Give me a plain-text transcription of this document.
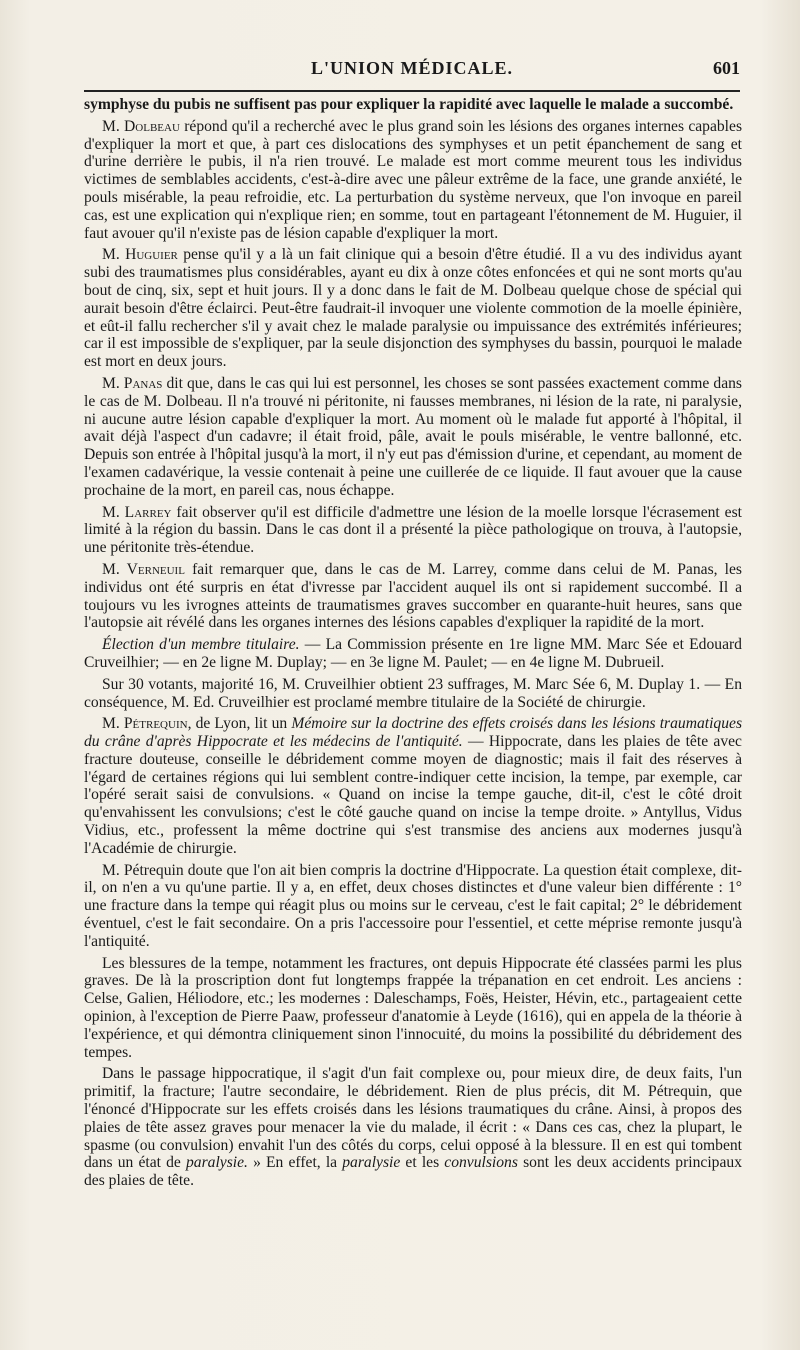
L'UNION MÉDICALE.	601

symphyse du pubis ne suffisent pas pour expliquer la rapidité avec laquelle le malade a succombé.

M. Dolbeau répond qu'il a recherché avec le plus grand soin les lésions des organes internes capables d'expliquer la mort et que, à part ces dislocations des symphyses et un petit épanchement de sang et d'urine derrière le pubis, il n'a rien trouvé. Le malade est mort comme meurent tous les individus victimes de semblables accidents, c'est-à-dire avec une pâleur extrême de la face, une grande anxiété, le pouls misérable, la peau refroidie, etc. La perturbation du système nerveux, que l'on invoque en pareil cas, est une explication qui n'explique rien; en somme, tout en partageant l'étonnement de M. Huguier, il faut avouer qu'il n'existe pas de lésion capable d'expliquer la mort.

M. Huguier pense qu'il y a là un fait clinique qui a besoin d'être étudié. Il a vu des individus ayant subi des traumatismes plus considérables, ayant eu dix à onze côtes enfoncées et qui ne sont morts qu'au bout de cinq, six, sept et huit jours. Il y a donc dans le fait de M. Dolbeau quelque chose de spécial qui aurait besoin d'être éclairci. Peut-être faudrait-il invoquer une violente commotion de la moelle épinière, et eût-il fallu rechercher s'il y avait chez le malade paralysie ou impuissance des extrémités inférieures; car il est impossible de s'expliquer, par la seule disjonction des symphyses du bassin, pourquoi le malade est mort en deux jours.

M. Panas dit que, dans le cas qui lui est personnel, les choses se sont passées exactement comme dans le cas de M. Dolbeau. Il n'a trouvé ni péritonite, ni fausses membranes, ni lésion de la rate, ni paralysie, ni aucune autre lésion capable d'expliquer la mort. Au moment où le malade fut apporté à l'hôpital, il avait déjà l'aspect d'un cadavre; il était froid, pâle, avait le pouls misérable, le ventre ballonné, etc. Depuis son entrée à l'hôpital jusqu'à la mort, il n'y eut pas d'émission d'urine, et cependant, au moment de l'examen cadavérique, la vessie contenait à peine une cuillerée de ce liquide. Il faut avouer que la cause prochaine de la mort, en pareil cas, nous échappe.

M. Larrey fait observer qu'il est difficile d'admettre une lésion de la moelle lorsque l'écrasement est limité à la région du bassin. Dans le cas dont il a présenté la pièce pathologique on trouva, à l'autopsie, une péritonite très-étendue.

M. Verneuil fait remarquer que, dans le cas de M. Larrey, comme dans celui de M. Panas, les individus ont été surpris en état d'ivresse par l'accident auquel ils ont si rapidement succombé. Il a toujours vu les ivrognes atteints de traumatismes graves succomber en quarante-huit heures, sans que l'autopsie ait révélé dans les organes internes des lésions capables d'expliquer la rapidité de la mort.

Élection d'un membre titulaire. — La Commission présente en 1re ligne MM. Marc Sée et Edouard Cruveilhier; — en 2e ligne M. Duplay; — en 3e ligne M. Paulet; — en 4e ligne M. Dubrueil.

Sur 30 votants, majorité 16, M. Cruveilhier obtient 23 suffrages, M. Marc Sée 6, M. Duplay 1. — En conséquence, M. Ed. Cruveilhier est proclamé membre titulaire de la Société de chirurgie.

M. Pétrequin, de Lyon, lit un Mémoire sur la doctrine des effets croisés dans les lésions traumatiques du crâne d'après Hippocrate et les médecins de l'antiquité. — Hippocrate, dans les plaies de tête avec fracture douteuse, conseille le débridement comme moyen de diagnostic; mais il fait des réserves à l'égard de certaines régions qui lui semblent contre-indiquer cette incision, la tempe, par exemple, car l'opéré serait saisi de convulsions. « Quand on incise la tempe gauche, dit-il, c'est le côté droit qu'envahissent les convulsions; c'est le côté gauche quand on incise la tempe droite. » Antyllus, Vidus Vidius, etc., professent la même doctrine qui s'est transmise des anciens aux modernes jusqu'à l'Académie de chirurgie.

M. Pétrequin doute que l'on ait bien compris la doctrine d'Hippocrate. La question était complexe, dit-il, on n'en a vu qu'une partie. Il y a, en effet, deux choses distinctes et d'une valeur bien différente : 1° une fracture dans la tempe qui réagit plus ou moins sur le cerveau, c'est le fait capital; 2° le débridement éventuel, c'est le fait secondaire. On a pris l'accessoire pour l'essentiel, et cette méprise remonte jusqu'à l'antiquité.

Les blessures de la tempe, notamment les fractures, ont depuis Hippocrate été classées parmi les plus graves. De là la proscription dont fut longtemps frappée la trépanation en cet endroit. Les anciens : Celse, Galien, Héliodore, etc.; les modernes : Daleschamps, Foës, Heister, Hévin, etc., partageaient cette opinion, à l'exception de Pierre Paaw, professeur d'anatomie à Leyde (1616), qui en appela de la théorie à l'expérience, et qui démontra cliniquement sinon l'innocuité, du moins la possibilité du débridement des tempes.

Dans le passage hippocratique, il s'agit d'un fait complexe ou, pour mieux dire, de deux faits, l'un primitif, la fracture; l'autre secondaire, le débridement. Rien de plus précis, dit M. Pétrequin, que l'énoncé d'Hippocrate sur les effets croisés dans les lésions traumatiques du crâne. Ainsi, à propos des plaies de tête assez graves pour menacer la vie du malade, il écrit : « Dans ces cas, chez la plupart, le spasme (ou convulsion) envahit l'un des côtés du corps, celui opposé à la blessure. Il en est qui tombent dans un état de paralysie. » En effet, la paralysie et les convulsions sont les deux accidents principaux des plaies de tête.
